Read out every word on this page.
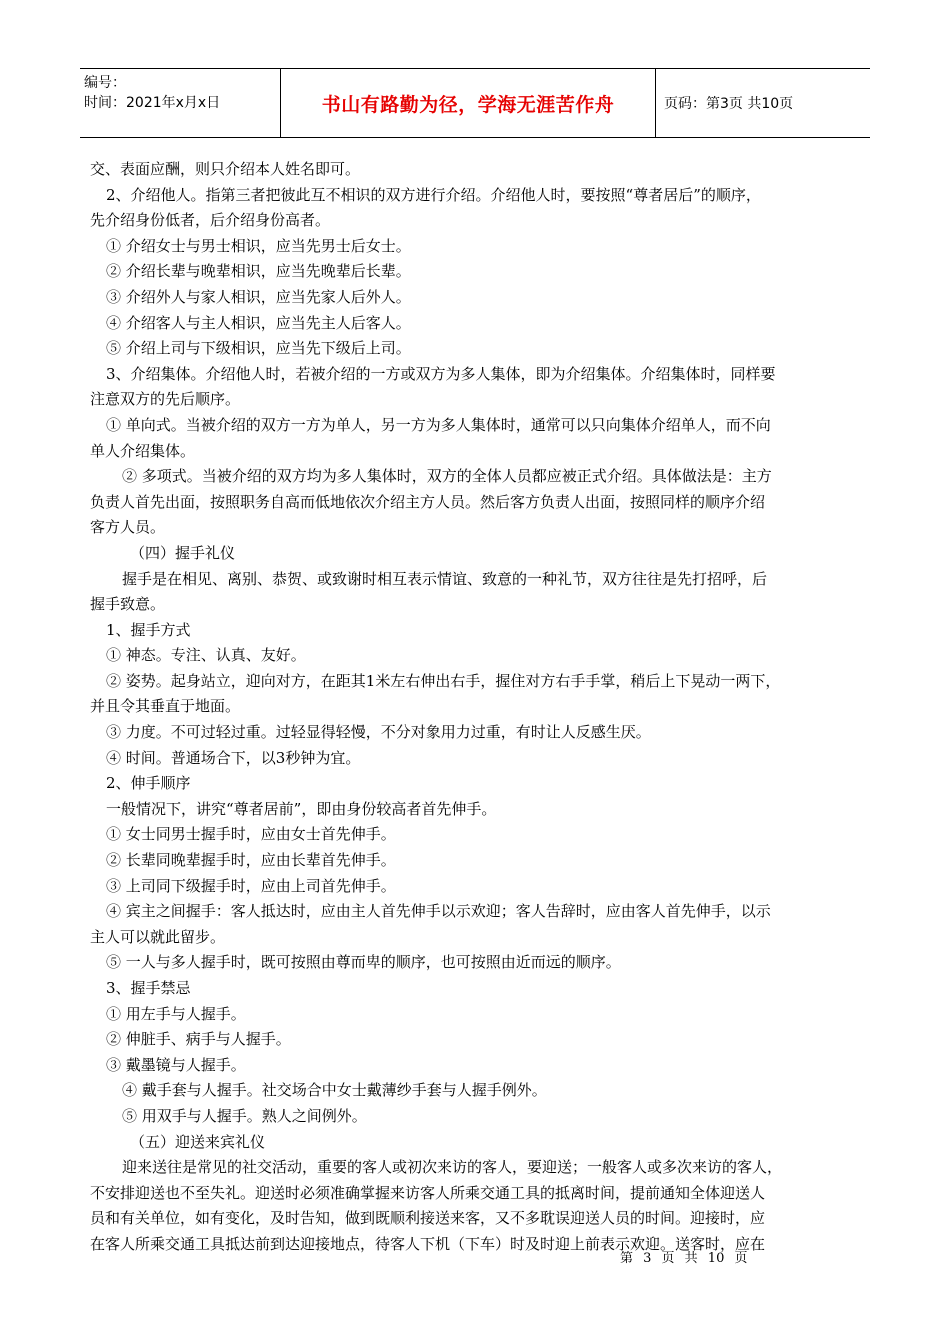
编号：
时间：2021年x月x日	书山有路勤为径，学海无涯苦作舟	页码：第3页 共10页
交、表面应酬，则只介绍本人姓名即可。
2、介绍他人。指第三者把彼此互不相识的双方进行介绍。介绍他人时，要按照“尊者居后”的顺序，
先介绍身份低者，后介绍身份高者。
① 介绍女士与男士相识，应当先男士后女士。
② 介绍长辈与晚辈相识，应当先晚辈后长辈。
③ 介绍外人与家人相识，应当先家人后外人。
④ 介绍客人与主人相识，应当先主人后客人。
⑤ 介绍上司与下级相识，应当先下级后上司。
3、介绍集体。介绍他人时，若被介绍的一方或双方为多人集体，即为介绍集体。介绍集体时，同样要
注意双方的先后顺序。
① 单向式。当被介绍的双方一方为单人，另一方为多人集体时，通常可以只向集体介绍单人，而不向
单人介绍集体。
② 多项式。当被介绍的双方均为多人集体时，双方的全体人员都应被正式介绍。具体做法是：主方
负责人首先出面，按照职务自高而低地依次介绍主方人员。然后客方负责人出面，按照同样的顺序介绍
客方人员。
（四）握手礼仪
握手是在相见、离别、恭贺、或致谢时相互表示情谊、致意的一种礼节，双方往往是先打招呼，后
握手致意。
1、握手方式
① 神态。专注、认真、友好。
② 姿势。起身站立，迎向对方，在距其1米左右伸出右手，握住对方右手手掌，稍后上下晃动一两下，
并且令其垂直于地面。
③ 力度。不可过轻过重。过轻显得轻慢，不分对象用力过重，有时让人反感生厌。
④ 时间。普通场合下，以3秒钟为宜。
2、伸手顺序
一般情况下，讲究“尊者居前”，即由身份较高者首先伸手。
① 女士同男士握手时，应由女士首先伸手。
② 长辈同晚辈握手时，应由长辈首先伸手。
③ 上司同下级握手时，应由上司首先伸手。
④ 宾主之间握手：客人抵达时，应由主人首先伸手以示欢迎；客人告辞时，应由客人首先伸手，以示
主人可以就此留步。
⑤ 一人与多人握手时，既可按照由尊而卑的顺序，也可按照由近而远的顺序。
3、握手禁忌
① 用左手与人握手。
② 伸脏手、病手与人握手。
③ 戴墨镜与人握手。
④ 戴手套与人握手。社交场合中女士戴薄纱手套与人握手例外。
⑤ 用双手与人握手。熟人之间例外。
（五）迎送来宾礼仪
迎来送往是常见的社交活动，重要的客人或初次来访的客人，要迎送；一般客人或多次来访的客人，
不安排迎送也不至失礼。迎送时必须准确掌握来访客人所乘交通工具的抵离时间，提前通知全体迎送人
员和有关单位，如有变化，及时告知，做到既顺利接送来客，又不多耽误迎送人员的时间。迎接时，应
在客人所乘交通工具抵达前到达迎接地点，待客人下机（下车）时及时迎上前表示欢迎。送客时，应在
第 3 页 共 10 页
